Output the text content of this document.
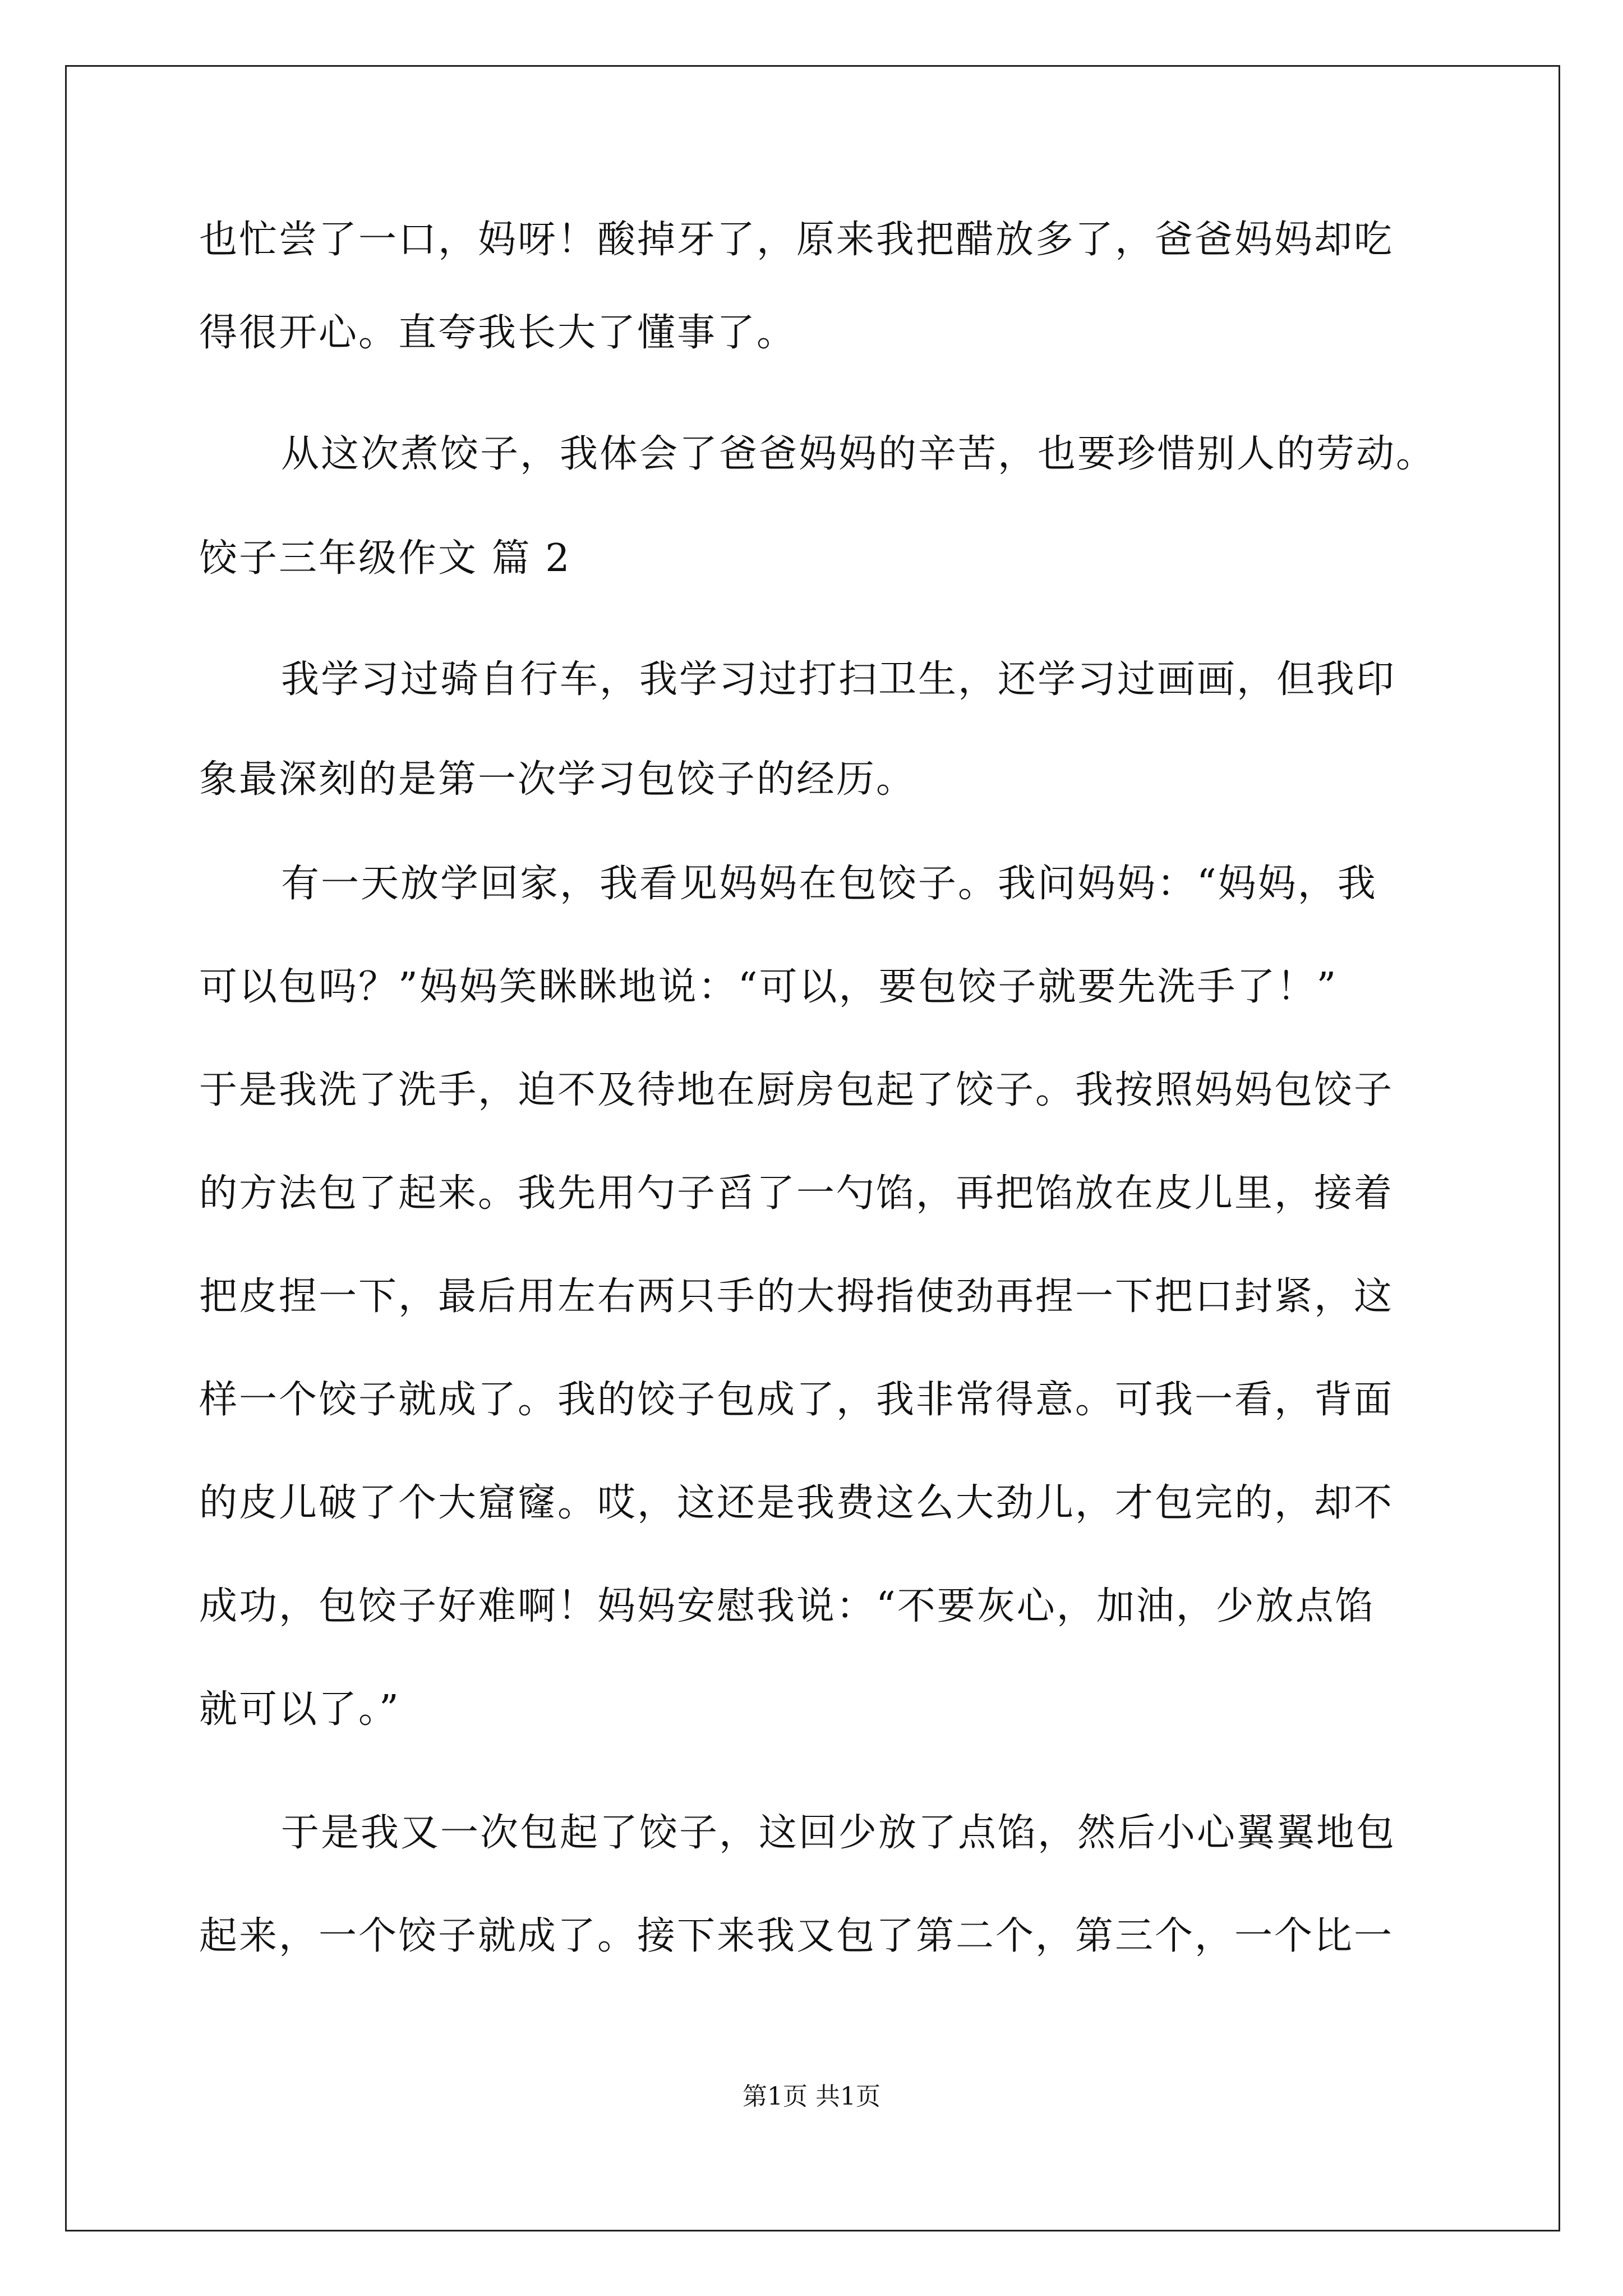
也忙尝了一口，妈呀！酸掉牙了，原来我把醋放多了，爸爸妈妈却吃
得很开心。直夸我长大了懂事了。
从这次煮饺子，我体会了爸爸妈妈的辛苦，也要珍惜别人的劳动。
饺子三年级作文 篇 2
我学习过骑自行车，我学习过打扫卫生，还学习过画画，但我印
象最深刻的是第一次学习包饺子的经历。
有一天放学回家，我看见妈妈在包饺子。我问妈妈：“妈妈，我
可以包吗？”妈妈笑眯眯地说：“可以，要包饺子就要先洗手了！”
于是我洗了洗手，迫不及待地在厨房包起了饺子。我按照妈妈包饺子
的方法包了起来。我先用勺子舀了一勺馅，再把馅放在皮儿里，接着
把皮捏一下，最后用左右两只手的大拇指使劲再捏一下把口封紧，这
样一个饺子就成了。我的饺子包成了，我非常得意。可我一看，背面
的皮儿破了个大窟窿。哎，这还是我费这么大劲儿，才包完的，却不
成功，包饺子好难啊！妈妈安慰我说：“不要灰心，加油，少放点馅
就可以了。”
于是我又一次包起了饺子，这回少放了点馅，然后小心翼翼地包
起来，一个饺子就成了。接下来我又包了第二个，第三个，一个比一
第1页 共1页
